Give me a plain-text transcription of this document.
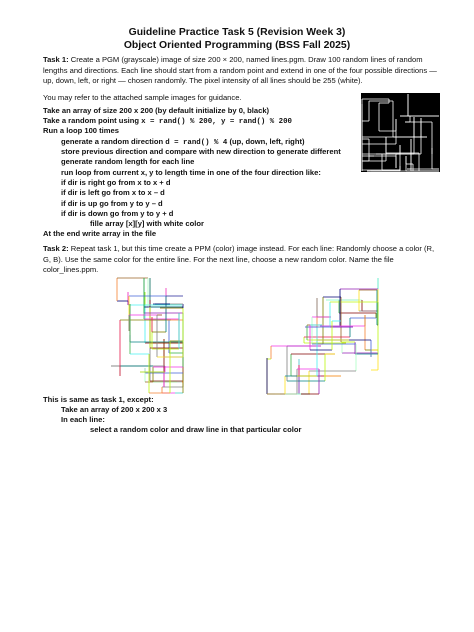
Guideline Practice Task 5 (Revision Week 3)
Object Oriented Programming (BSS Fall 2025)
Task 1: Create a PGM (grayscale) image of size 200 × 200, named lines.pgm. Draw 100 random lines of random lengths and directions. Each line should start from a random point and extend in one of the four possible directions — up, down, left, or right — chosen randomly. The pixel intensity of all lines should be 255 (white).
You may refer to the attached sample images for guidance.
Take an array of size 200 x 200 (by default initialize by 0, black)
Take a random point using x = rand() % 200, y = rand() % 200
Run a loop 100 times
generate a random direction d = rand() % 4 (up, down, left, right)
store previous direction and compare with new direction to generate different
generate random length for each line
run loop from current x, y to length time in one of the four direction like:
if dir is right go from x to x + d
if dir is left go from x to x – d
if dir is up go from y to y – d
if dir is down go from y to y + d
fille array [x][y] with white color
At the end write array in the file
Task 2: Repeat task 1, but this time create a PPM (color) image instead. For each line: Randomly choose a color (R, G, B). Use the same color for the entire line. For the next line, choose a new random color. Name the file color_lines.ppm.
This is same as task 1, except:
Take an array of 200 x 200 x 3
In each line:
select a random color and draw line in that particular color
